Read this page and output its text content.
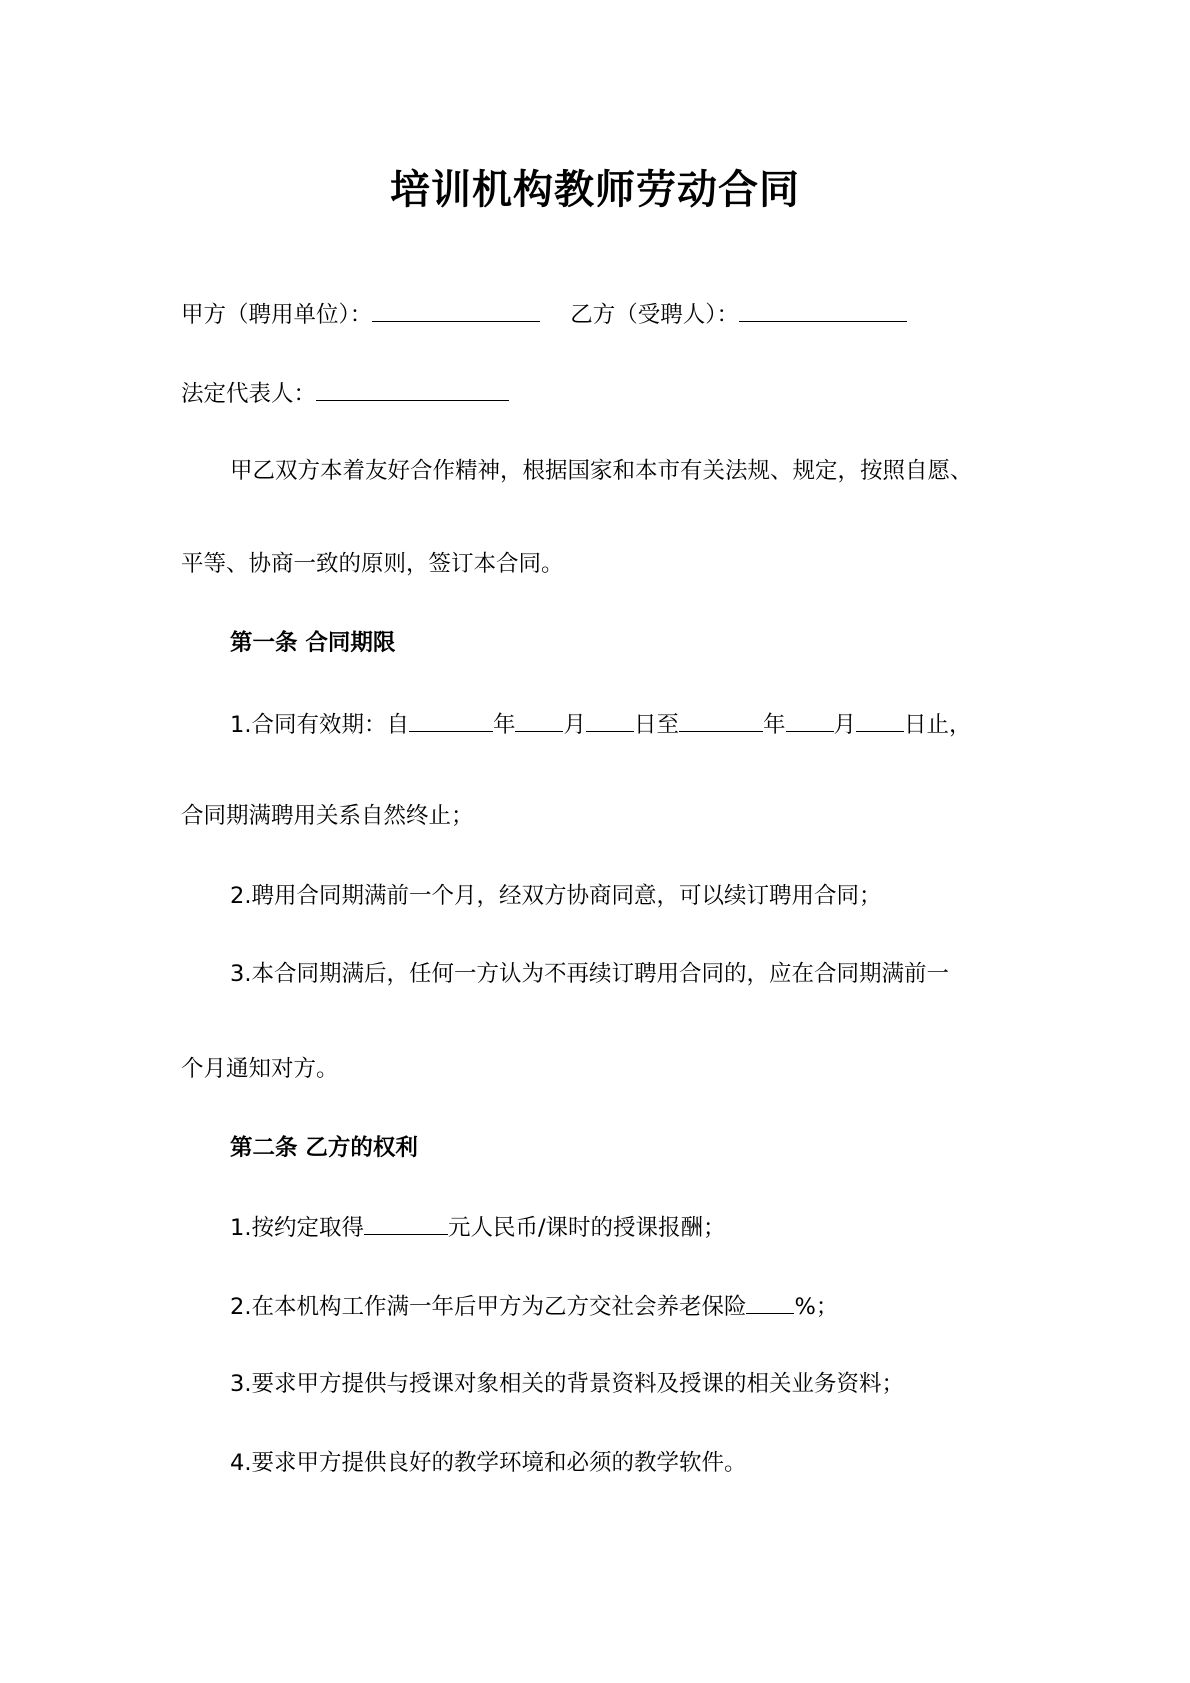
培训机构教师劳动合同
甲方（聘用单位）：	乙方（受聘人）：
法定代表人：
甲乙双方本着友好合作精神，根据国家和本市有关法规、规定，按照自愿、
平等、协商一致的原则，签订本合同。
第一条 合同期限
1.合同有效期：自	年 月 日至	年 月 日止，
合同期满聘用关系自然终止；
2.聘用合同期满前一个月，经双方协商同意，可以续订聘用合同；
3.本合同期满后，任何一方认为不再续订聘用合同的，应在合同期满前一
个月通知对方。
第二条 乙方的权利
1.按约定取得	元人民币/课时的授课报酬；
2.在本机构工作满一年后甲方为乙方交社会养老保险 %；
3.要求甲方提供与授课对象相关的背景资料及授课的相关业务资料；
4.要求甲方提供良好的教学环境和必须的教学软件。
